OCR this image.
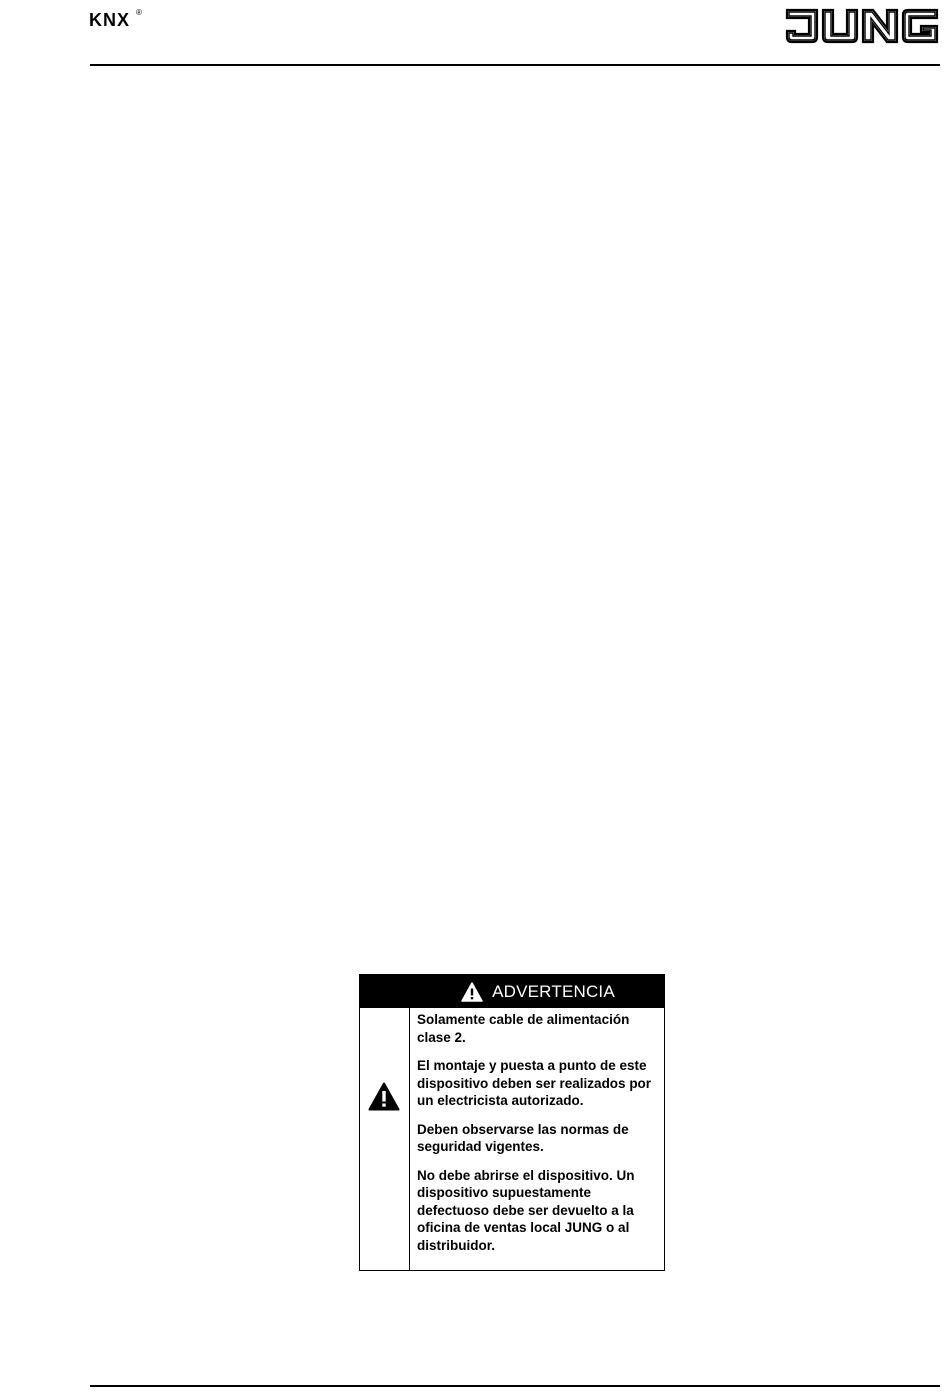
KNX ®
ADVERTENCIA

Solamente cable de alimentación clase 2.

El montaje y puesta a punto de este dispositivo deben ser realizados por un electricista autorizado.

Deben observarse las normas de seguridad vigentes.

No debe abrirse el dispositivo. Un dispositivo supuestamente defectuoso debe ser devuelto a la oficina de ventas local JUNG o al distribuidor.
